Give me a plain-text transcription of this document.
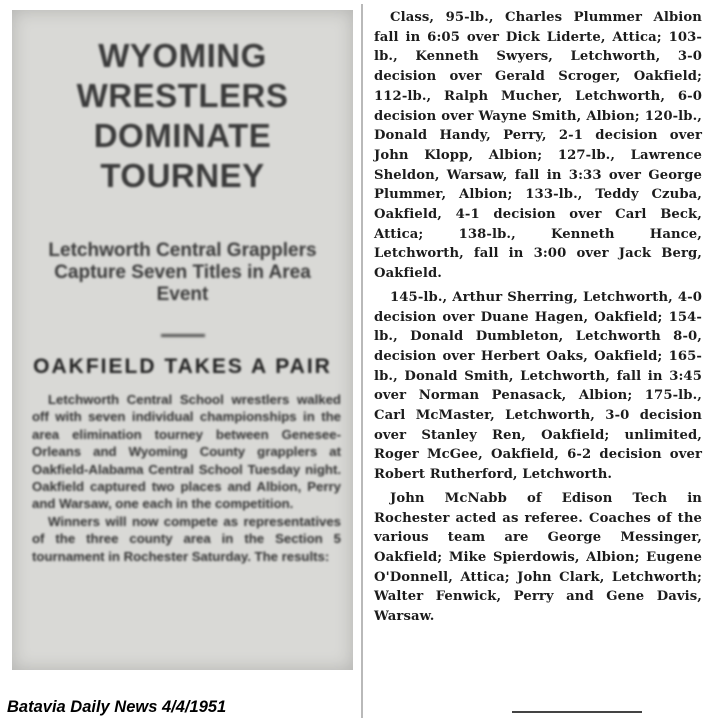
WYOMING WRESTLERS DOMINATE TOURNEY
Letchworth Central Grapplers Capture Seven Titles in Area Event
OAKFIELD TAKES A PAIR

Letchworth Central School wrestlers walked off with seven individual championships in the area elimination tourney between Genesee-Orleans and Wyoming County grapplers at Oakfield-Alabama Central School Tuesday night. Oakfield captured two places and Albion, Perry and Warsaw, one each in the competition.

Winners will now compete as representatives of the three county area in the Section 5 tournament in Rochester Saturday. The results:

Class, 95-lb., Charles Plummer Albion fall in 6:05 over Dick Liderte, Attica; 103-lb., Kenneth Swyers, Letchworth, 3-0 decision over Gerald Scroger, Oakfield; 112-lb., Ralph Mucher, Letchworth, 6-0 decision over Wayne Smith, Albion; 120-lb., Donald Handy, Perry, 2-1 decision over John Klopp, Albion; 127-lb., Lawrence Sheldon, Warsaw, fall in 3:33 over George Plummer, Albion; 133-lb., Teddy Czuba, Oakfield, 4-1 decision over Carl Beck, Attica; 138-lb., Kenneth Hance, Letchworth, fall in 3:00 over Jack Berg, Oakfield.

145-lb., Arthur Sherring, Letchworth, 4-0 decision over Duane Hagen, Oakfield; 154-lb., Donald Dumbleton, Letchworth 8-0, decision over Herbert Oaks, Oakfield; 165-lb., Donald Smith, Letchworth, fall in 3:45 over Norman Penasack, Albion; 175-lb., Carl McMaster, Letchworth, 3-0 decision over Stanley Ren, Oakfield; unlimited, Roger McGee, Oakfield, 6-2 decision over Robert Rutherford, Letchworth.

John McNabb of Edison Tech in Rochester acted as referee. Coaches of the various team are George Messinger, Oakfield; Mike Spierdowis, Albion; Eugene O'Donnell, Attica; John Clark, Letchworth; Walter Fenwick, Perry and Gene Davis, Warsaw.

Batavia Daily News 4/4/1951
